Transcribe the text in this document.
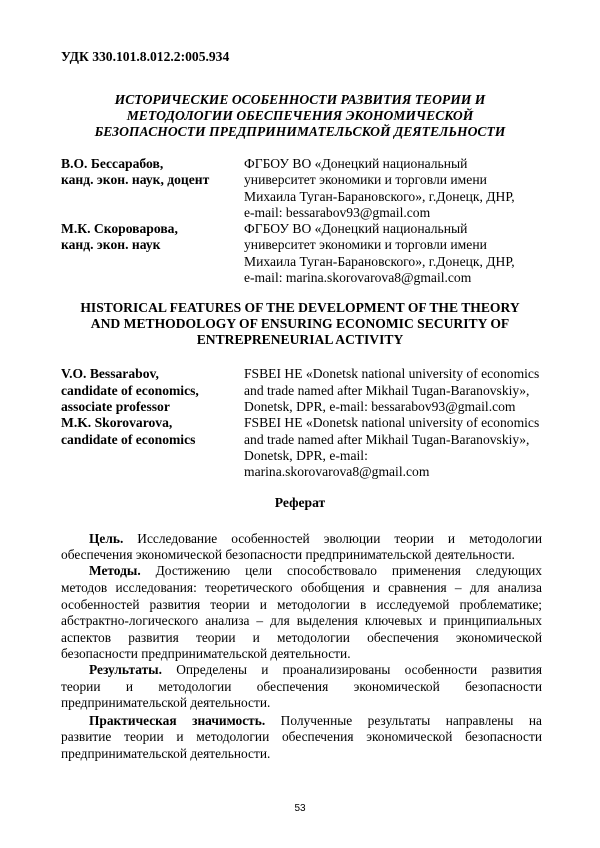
УДК 330.101.8.012.2:005.934
ИСТОРИЧЕСКИЕ ОСОБЕННОСТИ РАЗВИТИЯ ТЕОРИИ И
МЕТОДОЛОГИИ ОБЕСПЕЧЕНИЯ ЭКОНОМИЧЕСКОЙ
БЕЗОПАСНОСТИ ПРЕДПРИНИМАТЕЛЬСКОЙ ДЕЯТЕЛЬНОСТИ
В.О. Бессарабов,
канд. экон. наук, доцент
ФГБОУ ВО «Донецкий национальный
университет экономики и торговли имени
Михаила Туган-Барановского», г.Донецк, ДНР,
e-mail: bessarabov93@gmail.com
М.К. Скороварова,
канд. экон. наук
ФГБОУ ВО «Донецкий национальный
университет экономики и торговли имени
Михаила Туган-Барановского», г.Донецк, ДНР,
e-mail: marina.skorovarova8@gmail.com
HISTORICAL FEATURES OF THE DEVELOPMENT OF THE THEORY
AND METHODOLOGY OF ENSURING ECONOMIC SECURITY OF
ENTREPRENEURIAL ACTIVITY
V.O. Bessarabov,
candidate of economics,
associate professor
FSBEI HE «Donetsk national university of economics
and trade named after Mikhail Tugan-Baranovskiy»,
Donetsk, DPR, e-mail: bessarabov93@gmail.com
M.K. Skorovarova,
candidate of economics
FSBEI HE «Donetsk national university of economics
and trade named after Mikhail Tugan-Baranovskiy»,
Donetsk, DPR, e-mail:
marina.skorovarova8@gmail.com
Реферат
Цель. Исследование особенностей эволюции теории и методологии
обеспечения экономической безопасности предпринимательской деятельности.
Методы. Достижению цели способствовало применения следующих
методов исследования: теоретического обобщения и сравнения – для анализа
особенностей развития теории и методологии в исследуемой проблематике;
абстрактно-логического анализа – для выделения ключевых и принципиальных
аспектов развития теории и методологии обеспечения экономической
безопасности предпринимательской деятельности.
Результаты. Определены и проанализированы особенности развития
теории и методологии обеспечения экономической безопасности
предпринимательской деятельности.
Практическая значимость. Полученные результаты направлены на
развитие теории и методологии обеспечения экономической безопасности
предпринимательской деятельности.
53
